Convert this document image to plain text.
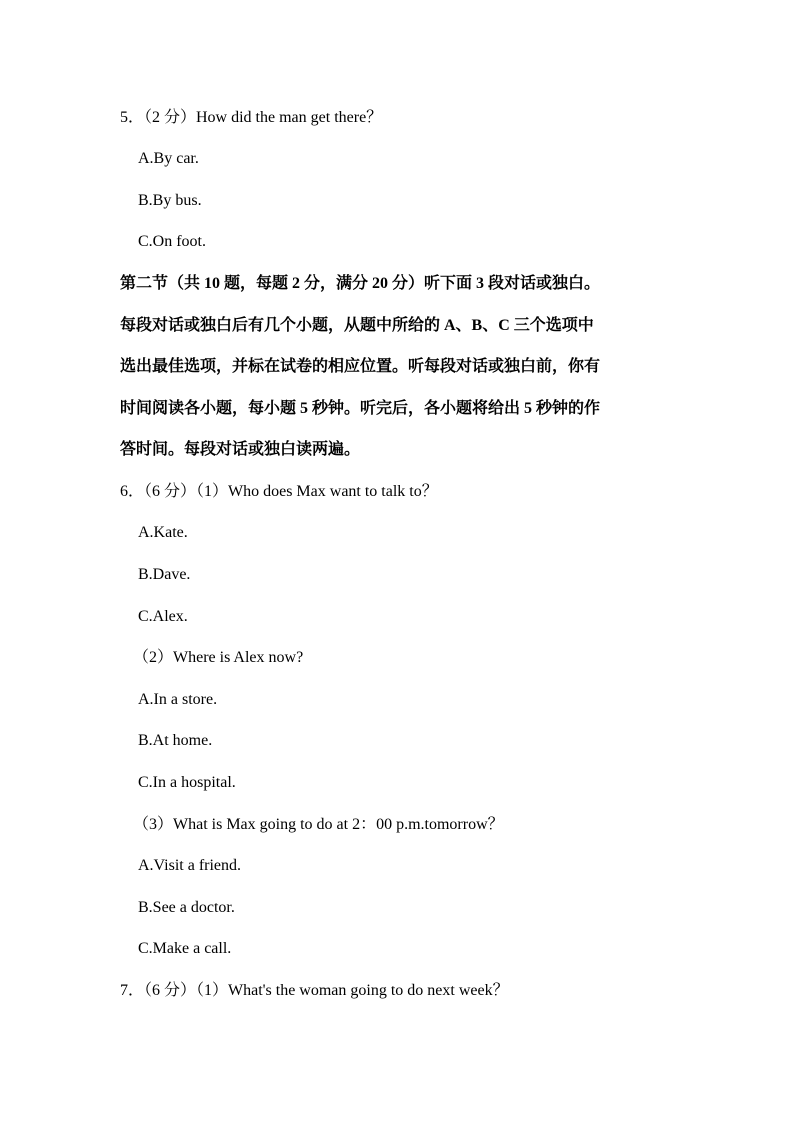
5．（2 分）How did the man get there？
A.By car.
B.By bus.
C.On foot.
第二节（共 10 题，每题 2 分，满分 20 分）听下面 3 段对话或独白。
每段对话或独白后有几个小题，从题中所给的 A、B、C 三个选项中
选出最佳选项，并标在试卷的相应位置。听每段对话或独白前，你有
时间阅读各小题，每小题 5 秒钟。听完后，各小题将给出 5 秒钟的作
答时间。每段对话或独白读两遍。
6．（6 分）（1）Who does Max want to talk to？
A.Kate.
B.Dave.
C.Alex.
（2）Where is Alex now?
A.In a store.
B.At home.
C.In a hospital.
（3）What is Max going to do at 2：00 p.m.tomorrow？
A.Visit a friend.
B.See a doctor.
C.Make a call.
7．（6 分）（1）What's the woman going to do next week？
